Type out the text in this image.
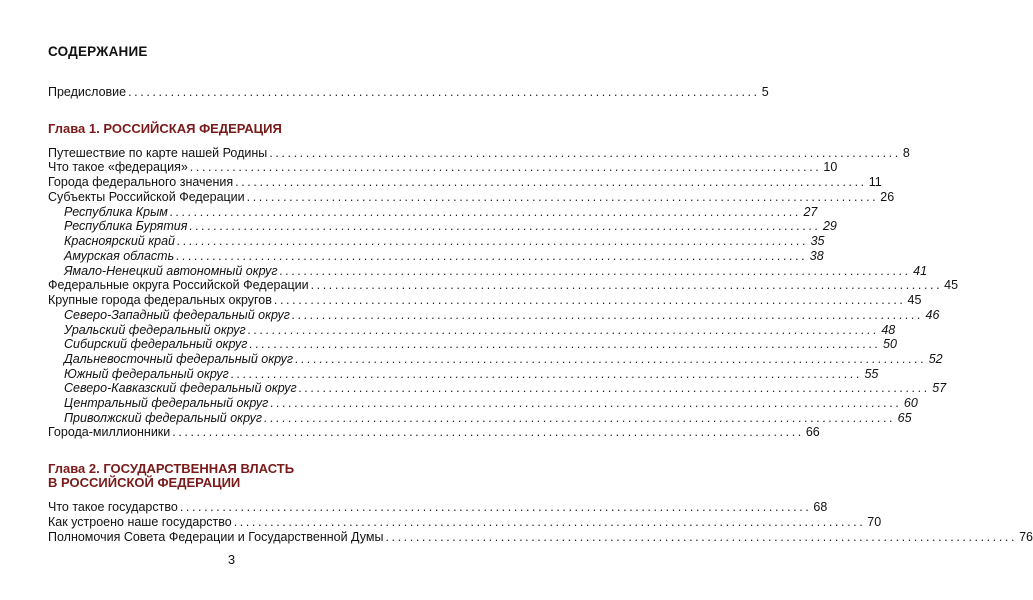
СОДЕРЖАНИЕ
Предисловие ........................................................................................................ 5
Глава 1. РОССИЙСКАЯ ФЕДЕРАЦИЯ
Путешествие по карте нашей Родины ........................................................................................................ 8
Что такое «федерация» ........................................................................................................ 10
Города федерального значения ........................................................................................................ 11
Субъекты Российской Федерации ........................................................................................................ 26
Республика Крым ........................................................................................................ 27
Республика Бурятия ........................................................................................................ 29
Красноярский край ........................................................................................................ 35
Амурская область ........................................................................................................ 38
Ямало-Ненецкий автономный округ ........................................................................................................ 41
Федеральные округа Российской Федерации ........................................................................................................ 45
Крупные города федеральных округов ........................................................................................................ 45
Северо-Западный федеральный округ ........................................................................................................ 46
Уральский федеральный округ ........................................................................................................ 48
Сибирский федеральный округ ........................................................................................................ 50
Дальневосточный федеральный округ ........................................................................................................ 52
Южный федеральный округ ........................................................................................................ 55
Северо-Кавказский федеральный округ ........................................................................................................ 57
Центральный федеральный округ ........................................................................................................ 60
Приволжский федеральный округ ........................................................................................................ 65
Города-миллионники ........................................................................................................ 66
Глава 2. ГОСУДАРСТВЕННАЯ ВЛАСТЬ
В РОССИЙСКОЙ ФЕДЕРАЦИИ
Что такое государство ........................................................................................................ 68
Как устроено наше государство ........................................................................................................ 70
Полномочия Совета Федерации и Государственной Думы ........................................................................................................ 76
3
